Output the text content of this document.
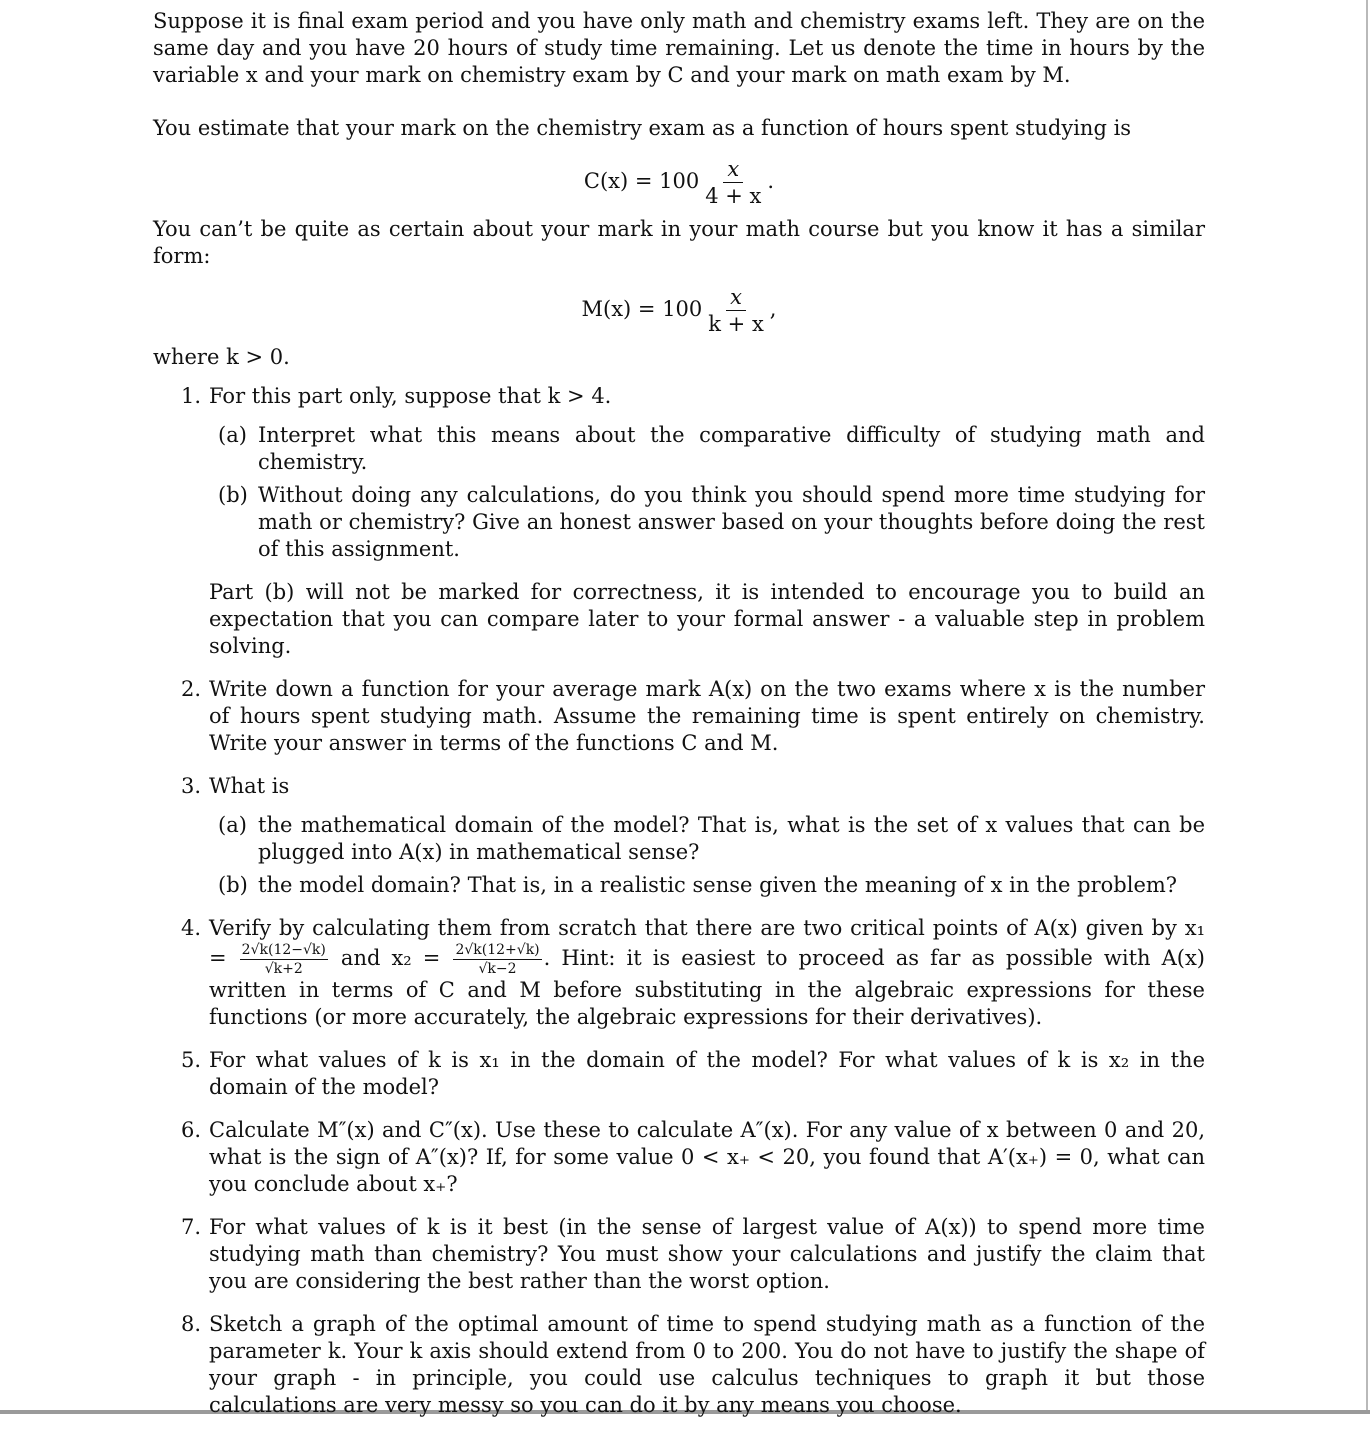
Suppose it is final exam period and you have only math and chemistry exams left. They are on the same day and you have 20 hours of study time remaining. Let us denote the time in hours by the variable x and your mark on chemistry exam by C and your mark on math exam by M.

You estimate that your mark on the chemistry exam as a function of hours spent studying is

$C(x) = 100 \frac{x}{4 + x}$ .

You can’t be quite as certain about your mark in your math course but you know it has a similar form:

$M(x) = 100 \frac{x}{k + x}$ ,

where k > 0.

1. For this part only, suppose that k > 4.

(a) Interpret what this means about the comparative difficulty of studying math and chemistry.

(b) Without doing any calculations, do you think you should spend more time studying for math or chemistry? Give an honest answer based on your thoughts before doing the rest of this assignment.

Part (b) will not be marked for correctness, it is intended to encourage you to build an expectation that you can compare later to your formal answer - a valuable step in problem solving.

2. Write down a function for your average mark A(x) on the two exams where x is the number of hours spent studying math. Assume the remaining time is spent entirely on chemistry. Write your answer in terms of the functions C and M.

3. What is

(a) the mathematical domain of the model? That is, what is the set of x values that can be plugged into A(x) in mathematical sense?

(b) the model domain? That is, in a realistic sense given the meaning of x in the problem?

4. Verify by calculating them from scratch that there are two critical points of A(x) given by $x_1 = \frac{2√k(12-√k)}{√k+2}$ and $x_2 = \frac{2√k(12+√k)}{√k-2}$ . Hint: it is easiest to proceed as far as possible with A(x) written in terms of C and M before substituting in the algebraic expressions for these functions (or more accurately, the algebraic expressions for their derivatives).

5. For what values of k is x₁ in the domain of the model? For what values of k is x₂ in the domain of the model?

6. Calculate M″(x) and C″(x). Use these to calculate A″(x). For any value of x between 0 and 20, what is the sign of A″(x)? If, for some value 0 < x₊ < 20, you found that A′(x₊) = 0, what can you conclude about x₊?

7. For what values of k is it best (in the sense of largest value of A(x)) to spend more time studying math than chemistry? You must show your calculations and justify the claim that you are considering the best rather than the worst option.

8. Sketch a graph of the optimal amount of time to spend studying math as a function of the parameter k. Your k axis should extend from 0 to 200. You do not have to justify the shape of your graph - in principle, you could use calculus techniques to graph it but those calculations are very messy so you can do it by any means you choose.
